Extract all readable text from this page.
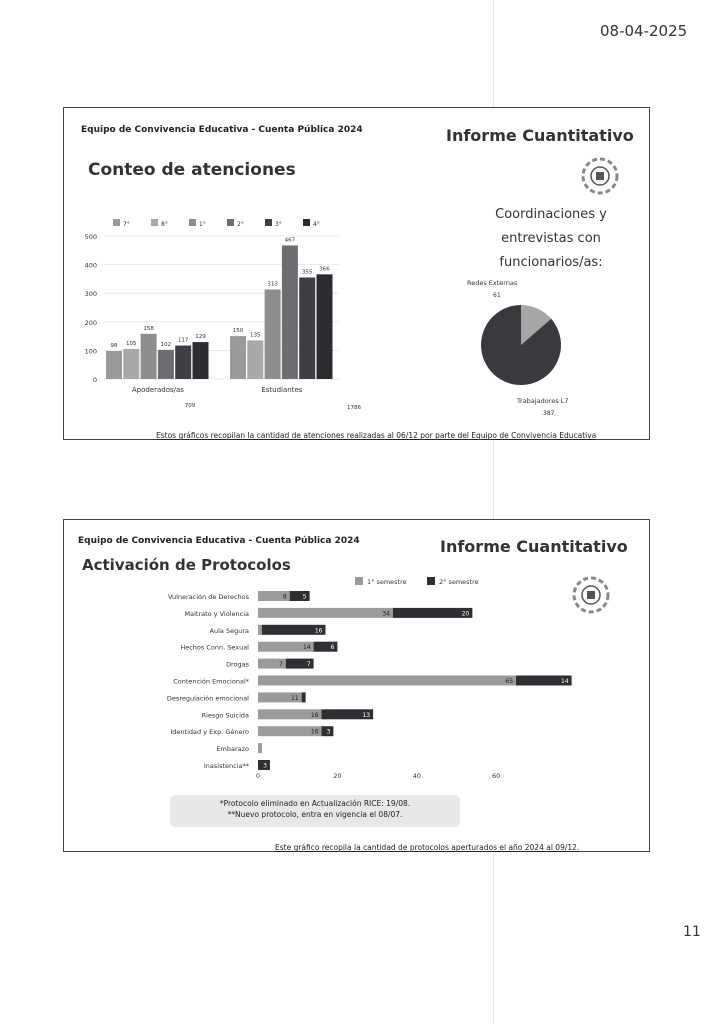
08-04-2025
Equipo de Convivencia Educativa - Cuenta Pública 2024	Informe Cuantitativo
Conteo de atenciones
7°	8°	1°	2°	3°	4°
0
100
200
300
400
500
98 105
158
102
117
129
Apoderados/as
150
135
313
467
355
366
Estudiantes
709	1786
Coordinaciones y
entrevistas con
funcionarios/as:
Redes Externas
61
Trabajadores L7
387
Estos gráficos recopilan la cantidad de atenciones realizadas al 06/12 por parte del Equipo de Convivencia Educativa
Equipo de Convivencia Educativa - Cuenta Pública 2024	Informe Cuantitativo
Activación de Protocolos
1° semestre	2° semestre
Vulneración de Derechos	8	5
Maltrato y Violencia	34	20
Aula Segura	16
Hechos Conn. Sexual	14	6
Drogas	7	7
Contención Emocional*	65	14
Desregulación emocional	11
Riesgo Suicida	16	13
Identidad y Exp. Género	16 3
Embarazo
Inasistencia** 3
0	20	40	60
*Protocolo eliminado en Actualización RICE: 19/08.
**Nuevo protocolo, entra en vigencia el 08/07.
Este gráfico recopila la cantidad de protocolos aperturados el año 2024 al 09/12.
11
